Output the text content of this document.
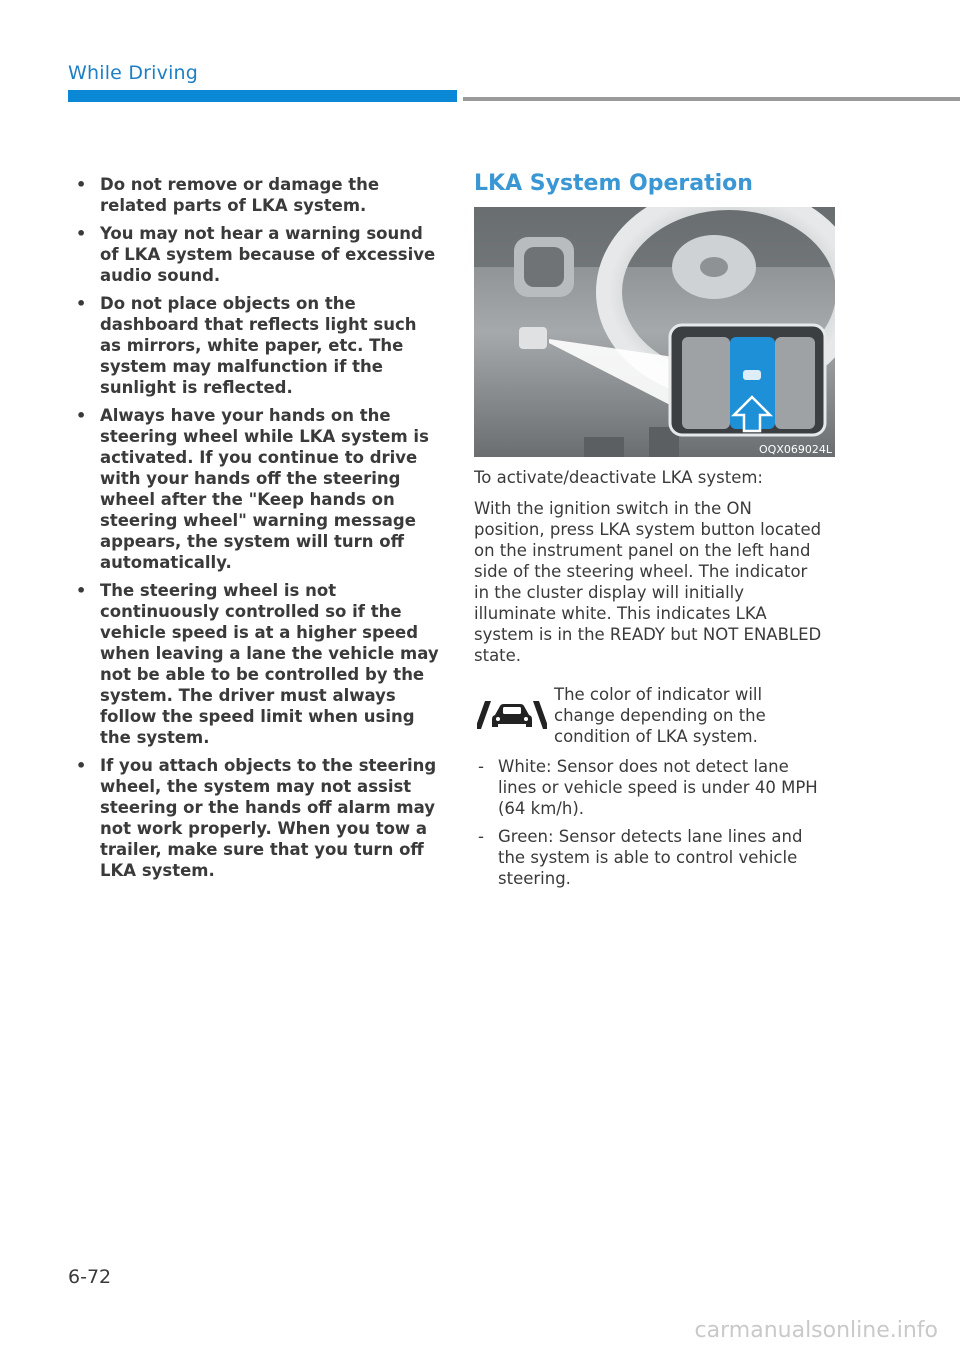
While Driving
• Do not remove or damage the related parts of LKA system.
• You may not hear a warning sound of LKA system because of excessive audio sound.
• Do not place objects on the dashboard that reflects light such as mirrors, white paper, etc. The system may malfunction if the sunlight is reflected.
• Always have your hands on the steering wheel while LKA system is activated. If you continue to drive with your hands off the steering wheel after the "Keep hands on steering wheel" warning message appears, the system will turn off automatically.
• The steering wheel is not continuously controlled so if the vehicle speed is at a higher speed when leaving a lane the vehicle may not be able to be controlled by the system. The driver must always follow the speed limit when using the system.
• If you attach objects to the steering wheel, the system may not assist steering or the hands off alarm may not work properly. When you tow a trailer, make sure that you turn off LKA system.
LKA System Operation
OQX069024L

To activate/deactivate LKA system:

With the ignition switch in the ON position, press LKA system button located on the instrument panel on the left hand side of the steering wheel. The indicator in the cluster display will initially illuminate white. This indicates LKA system is in the READY but NOT ENABLED state.

The color of indicator will change depending on the condition of LKA system.

- White: Sensor does not detect lane lines or vehicle speed is under 40 MPH (64 km/h).
- Green: Sensor detects lane lines and the system is able to control vehicle steering.
6-72
carmanualsonline.info
